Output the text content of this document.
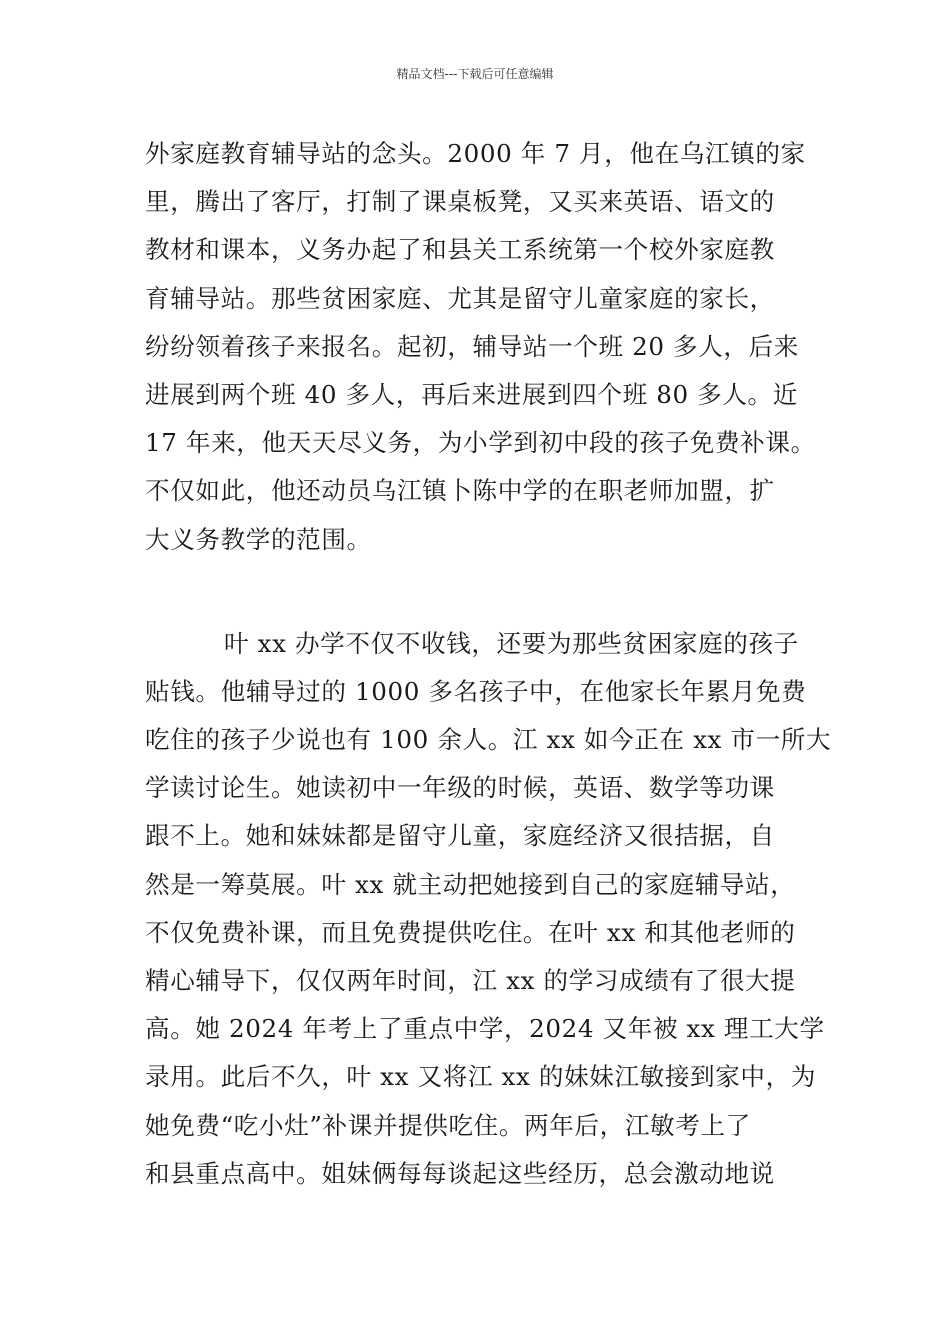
精品文档---下载后可任意编辑
外家庭教育辅导站的念头。2000 年 7 月，他在乌江镇的家
里，腾出了客厅，打制了课桌板凳，又买来英语、语文的
教材和课本，义务办起了和县关工系统第一个校外家庭教
育辅导站。那些贫困家庭、尤其是留守儿童家庭的家长，
纷纷领着孩子来报名。起初，辅导站一个班 20 多人，后来
进展到两个班 40 多人，再后来进展到四个班 80 多人。近
17 年来，他天天尽义务，为小学到初中段的孩子免费补课。
不仅如此，他还动员乌江镇卜陈中学的在职老师加盟，扩
大义务教学的范围。
叶 xx 办学不仅不收钱，还要为那些贫困家庭的孩子
贴钱。他辅导过的 1000 多名孩子中，在他家长年累月免费
吃住的孩子少说也有 100 余人。江 xx 如今正在 xx 市一所大
学读讨论生。她读初中一年级的时候，英语、数学等功课
跟不上。她和妹妹都是留守儿童，家庭经济又很拮据，自
然是一筹莫展。叶 xx 就主动把她接到自己的家庭辅导站，
不仅免费补课，而且免费提供吃住。在叶 xx 和其他老师的
精心辅导下，仅仅两年时间，江 xx 的学习成绩有了很大提
高。她 2024 年考上了重点中学，2024 又年被 xx 理工大学
录用。此后不久，叶 xx 又将江 xx 的妹妹江敏接到家中，为
她免费“吃小灶”补课并提供吃住。两年后，江敏考上了
和县重点高中。姐妹俩每每谈起这些经历，总会激动地说
